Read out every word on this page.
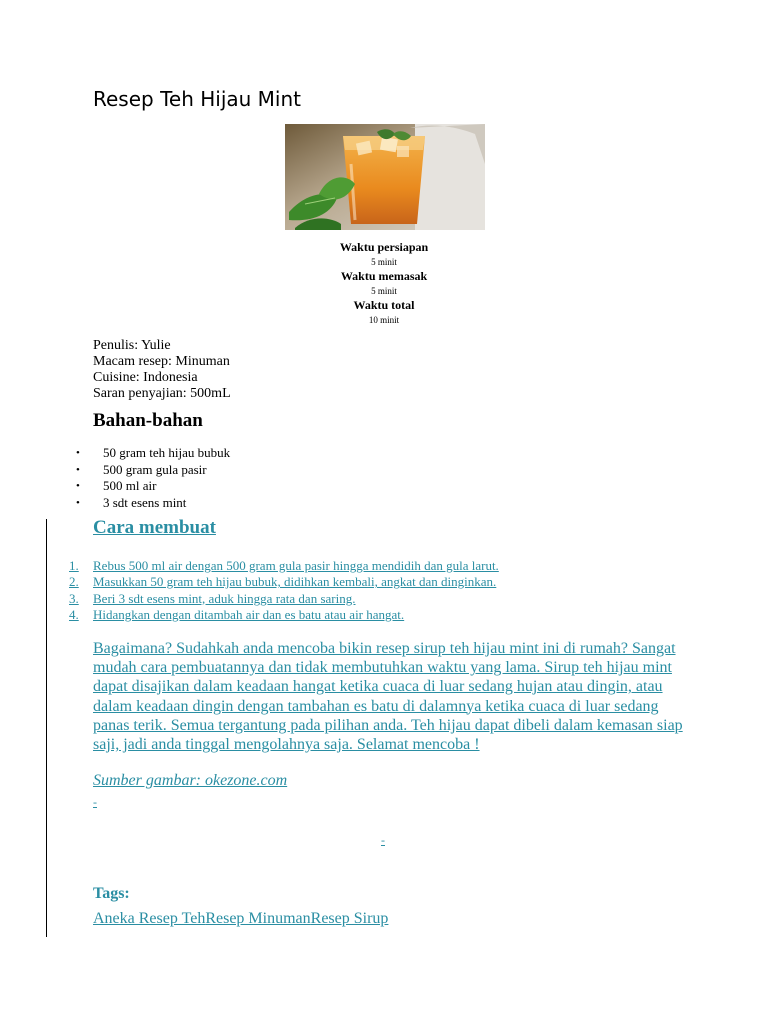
Resep Teh Hijau Mint
Waktu persiapan
5 minit
Waktu memasak
5 minit
Waktu total
10 minit
Penulis: Yulie
Macam resep: Minuman
Cuisine: Indonesia
Saran penyajian: 500mL
Bahan-bahan
• 50 gram teh hijau bubuk
• 500 gram gula pasir
• 500 ml air
• 3 sdt esens mint
Cara membuat
1. Rebus 500 ml air dengan 500 gram gula pasir hingga mendidih dan gula larut.
2. Masukkan 50 gram teh hijau bubuk, didihkan kembali, angkat dan dinginkan.
3. Beri 3 sdt esens mint, aduk hingga rata dan saring.
4. Hidangkan dengan ditambah air dan es batu atau air hangat.

Bagaimana? Sudahkah anda mencoba bikin resep sirup teh hijau mint ini di rumah? Sangat mudah cara pembuatannya dan tidak membutuhkan waktu yang lama. Sirup teh hijau mint dapat disajikan dalam keadaan hangat ketika cuaca di luar sedang hujan atau dingin, atau dalam keadaan dingin dengan tambahan es batu di dalamnya ketika cuaca di luar sedang panas terik. Semua tergantung pada pilihan anda. Teh hijau dapat dibeli dalam kemasan siap saji, jadi anda tinggal mengolahnya saja. Selamat mencoba !

Sumber gambar: okezone.com
-
-
Tags:
Aneka Resep TehResep MinumanResep Sirup
